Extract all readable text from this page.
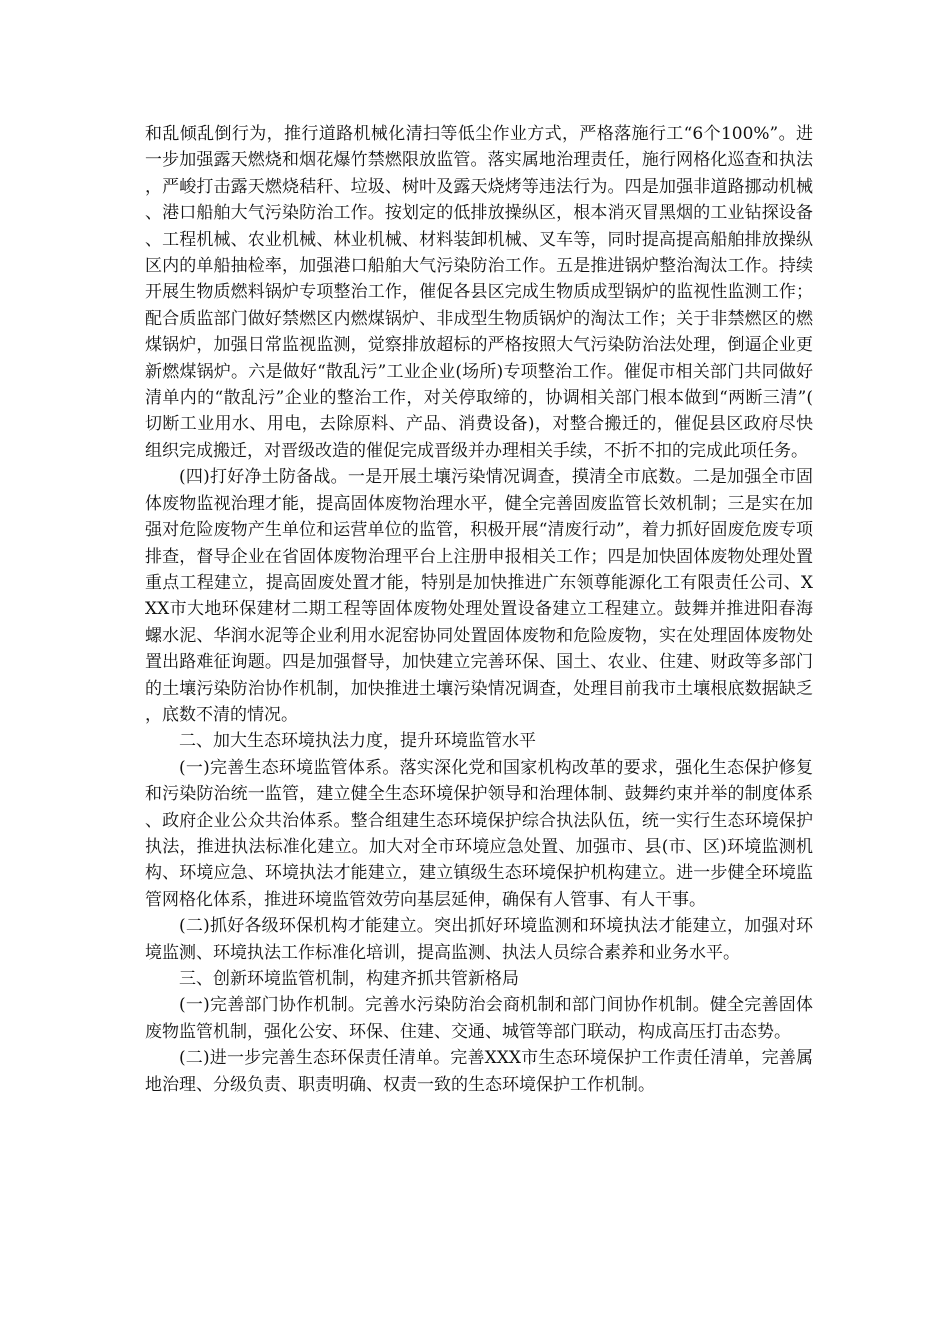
和乱倾乱倒行为，推行道路机械化清扫等低尘作业方式，严格落施行工“6个100%”。进一步加强露天燃烧和烟花爆竹禁燃限放监管。落实属地治理责任，施行网格化巡查和执法，严峻打击露天燃烧秸秆、垃圾、树叶及露天烧烤等违法行为。四是加强非道路挪动机械、港口船舶大气污染防治工作。按划定的低排放操纵区，根本消灭冒黑烟的工业钻探设备、工程机械、农业机械、林业机械、材料装卸机械、叉车等，同时提高提高船舶排放操纵区内的单船抽检率，加强港口船舶大气污染防治工作。五是推进锅炉整治淘汰工作。持续开展生物质燃料锅炉专项整治工作，催促各县区完成生物质成型锅炉的监视性监测工作；配合质监部门做好禁燃区内燃煤锅炉、非成型生物质锅炉的淘汰工作；关于非禁燃区的燃煤锅炉，加强日常监视监测，觉察排放超标的严格按照大气污染防治法处理，倒逼企业更新燃煤锅炉。六是做好“散乱污”工业企业(场所)专项整治工作。催促市相关部门共同做好清单内的“散乱污”企业的整治工作，对关停取缔的，协调相关部门根本做到“两断三清”(切断工业用水、用电，去除原料、产品、消费设备)，对整合搬迁的，催促县区政府尽快组织完成搬迁，对晋级改造的催促完成晋级并办理相关手续，不折不扣的完成此项任务。

(四)打好净土防备战。一是开展土壤污染情况调查，摸清全市底数。二是加强全市固体废物监视治理才能，提高固体废物治理水平，健全完善固废监管长效机制；三是实在加强对危险废物产生单位和运营单位的监管，积极开展“清废行动”，着力抓好固废危废专项排查，督导企业在省固体废物治理平台上注册申报相关工作；四是加快固体废物处理处置重点工程建立，提高固废处置才能，特别是加快推进广东领尊能源化工有限责任公司、XXX市大地环保建材二期工程等固体废物处理处置设备建立工程建立。鼓舞并推进阳春海螺水泥、华润水泥等企业利用水泥窑协同处置固体废物和危险废物，实在处理固体废物处置出路难征询题。四是加强督导，加快建立完善环保、国土、农业、住建、财政等多部门的土壤污染防治协作机制，加快推进土壤污染情况调查，处理目前我市土壤根底数据缺乏，底数不清的情况。

二、加大生态环境执法力度，提升环境监管水平

(一)完善生态环境监管体系。落实深化党和国家机构改革的要求，强化生态保护修复和污染防治统一监管，建立健全生态环境保护领导和治理体制、鼓舞约束并举的制度体系、政府企业公众共治体系。整合组建生态环境保护综合执法队伍，统一实行生态环境保护执法，推进执法标准化建立。加大对全市环境应急处置、加强市、县(市、区)环境监测机构、环境应急、环境执法才能建立，建立镇级生态环境保护机构建立。进一步健全环境监管网格化体系，推进环境监管效劳向基层延伸，确保有人管事、有人干事。

(二)抓好各级环保机构才能建立。突出抓好环境监测和环境执法才能建立，加强对环境监测、环境执法工作标准化培训，提高监测、执法人员综合素养和业务水平。

三、创新环境监管机制，构建齐抓共管新格局

(一)完善部门协作机制。完善水污染防治会商机制和部门间协作机制。健全完善固体废物监管机制，强化公安、环保、住建、交通、城管等部门联动，构成高压打击态势。

(二)进一步完善生态环保责任清单。完善XXX市生态环境保护工作责任清单，完善属地治理、分级负责、职责明确、权责一致的生态环境保护工作机制。
